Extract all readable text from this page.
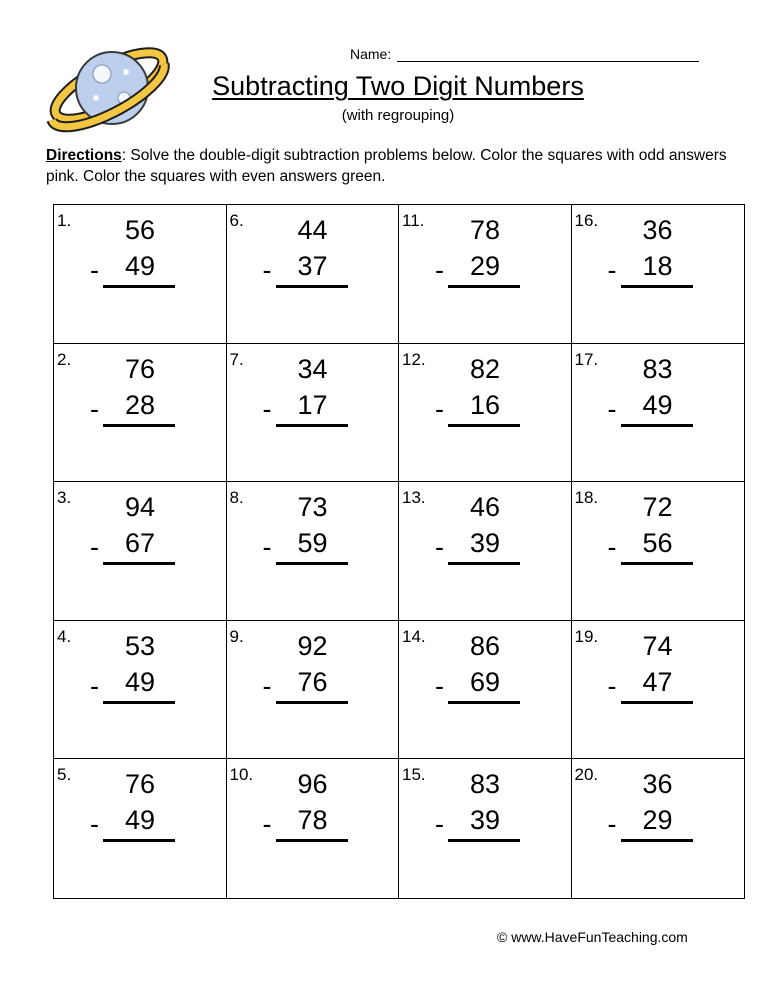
Name:
Subtracting Two Digit Numbers
(with regrouping)
Directions: Solve the double-digit subtraction problems below. Color the squares with odd answers pink. Color the squares with even answers green.
1. 56
- 49
6. 44
- 37
11. 78
- 29
16. 36
- 18
2. 76
- 28
7. 34
- 17
12. 82
- 16
17. 83
- 49
3. 94
- 67
8. 73
- 59
13. 46
- 39
18. 72
- 56
4. 53
- 49
9. 92
- 76
14. 86
- 69
19. 74
- 47
5. 76
- 49
10. 96
- 78
15. 83
- 39
20. 36
- 29
© www.HaveFunTeaching.com
